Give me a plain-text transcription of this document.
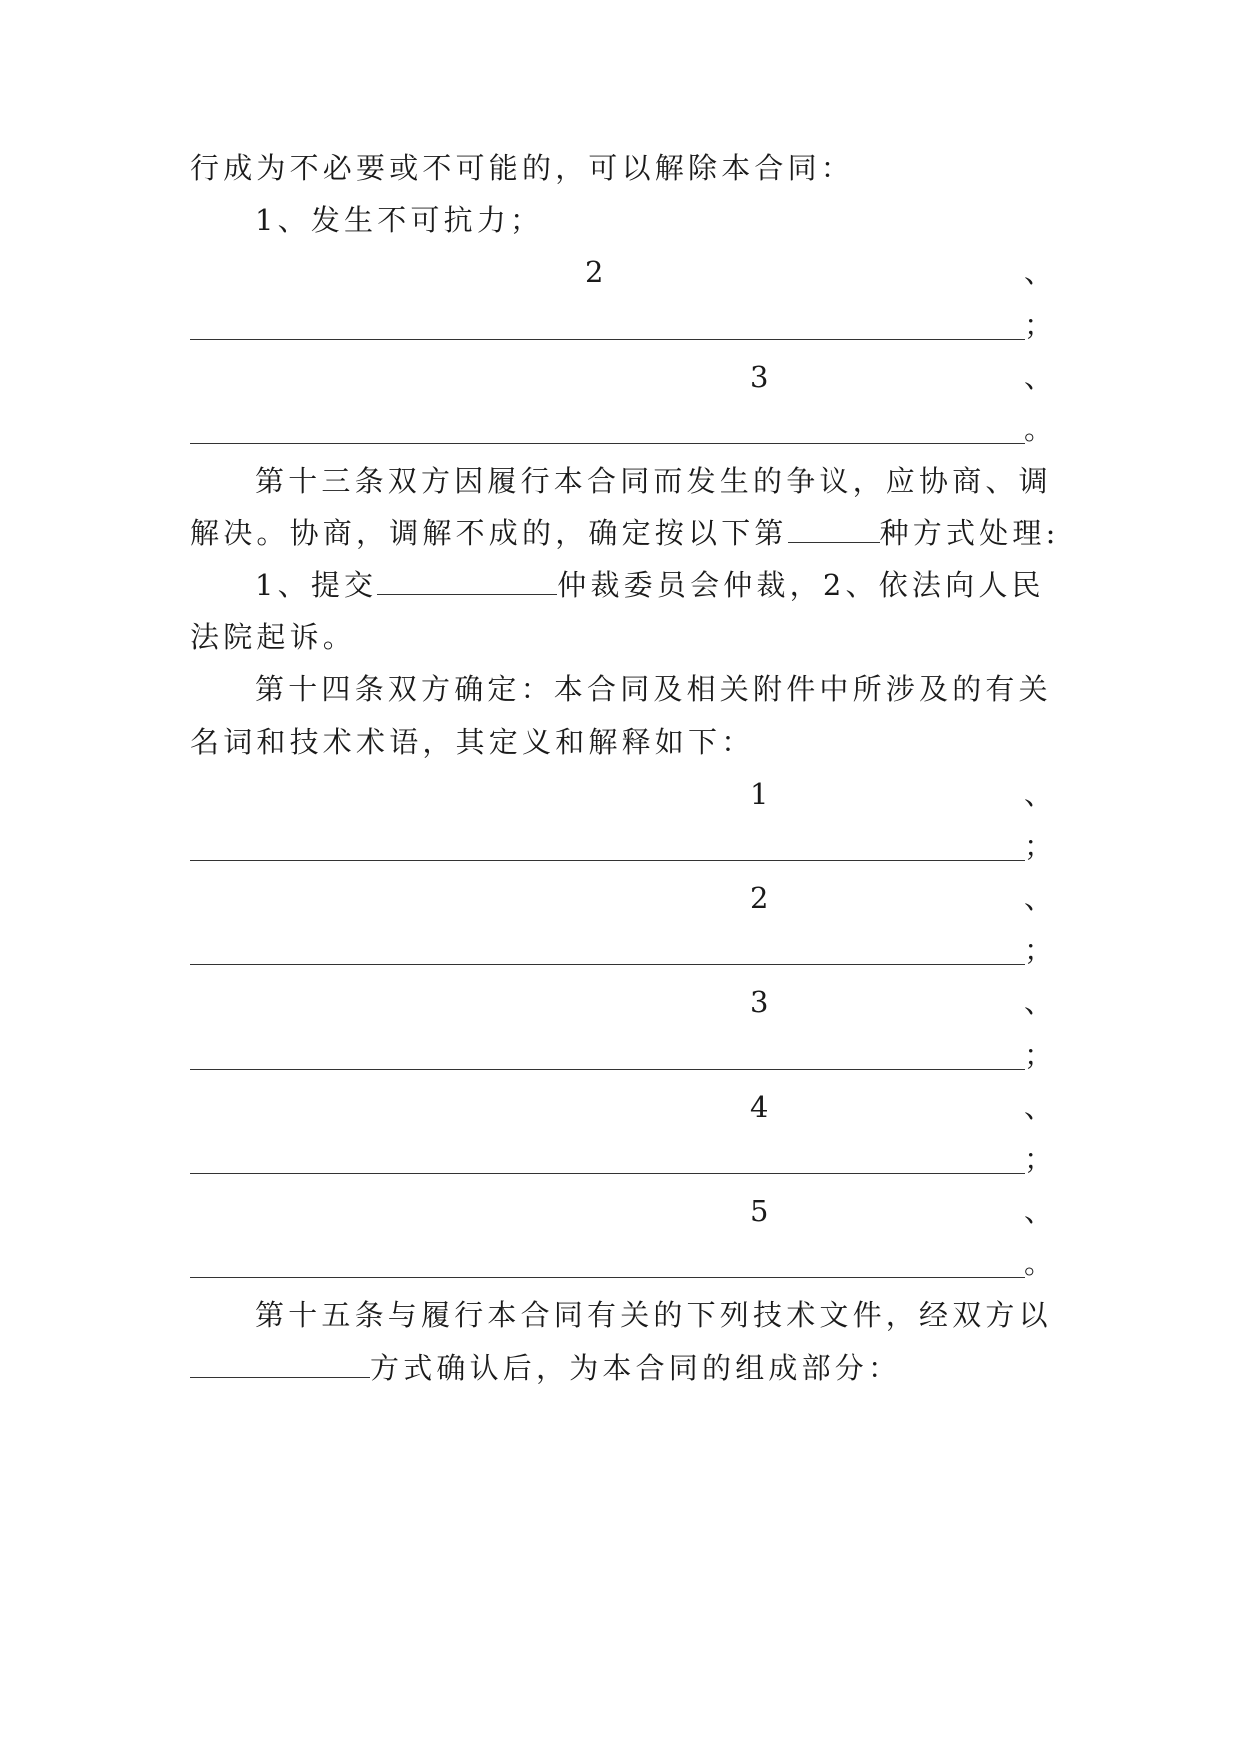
行成为不必要或不可能的，可以解除本合同：
1、发生不可抗力；
2	、
；
3	、
。
第十三条双方因履行本合同而发生的争议，应协商、调
解决。协商，调解不成的，确定按以下第	种方式处理:
1、提交	仲裁委员会仲裁，2、依法向人民
法院起诉。
第十四条双方确定：本合同及相关附件中所涉及的有关
名词和技术术语，其定义和解释如下：
1	、
；
2	、
；
3	、
；
4	、
；
5	、
。
第十五条与履行本合同有关的下列技术文件，经双方以
方式确认后，为本合同的组成部分：
